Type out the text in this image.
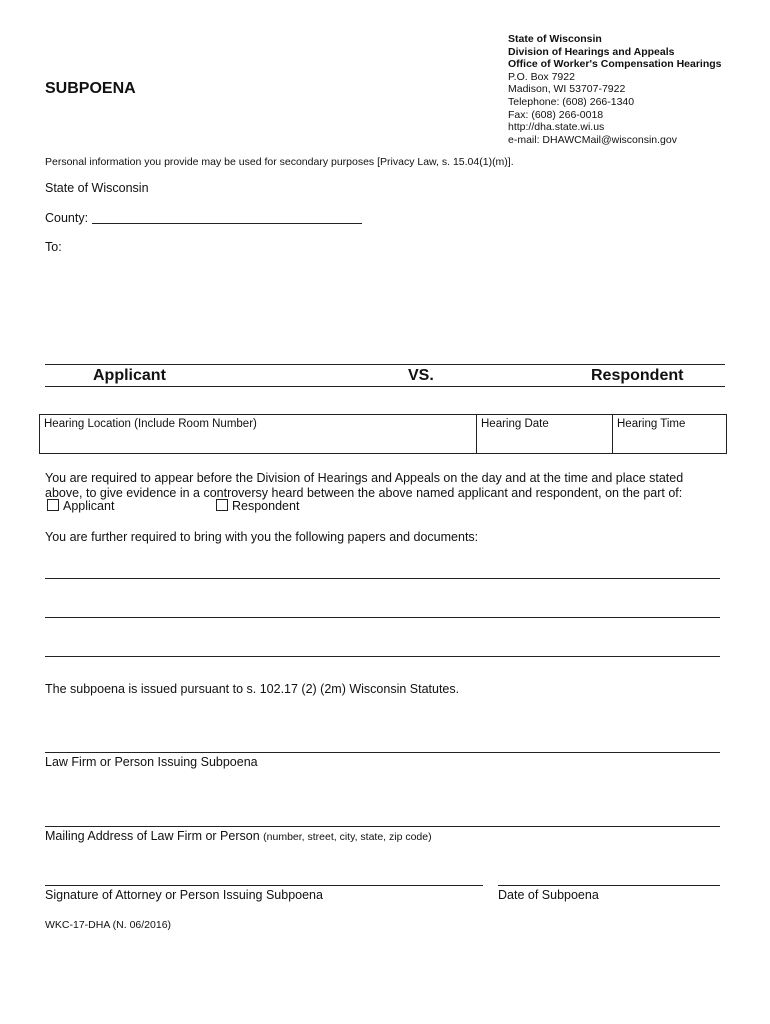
State of Wisconsin
Division of Hearings and Appeals
Office of Worker's Compensation Hearings
P.O. Box 7922
Madison, WI 53707-7922
Telephone: (608) 266-1340
Fax: (608) 266-0018
http://dha.state.wi.us
e-mail: DHAWCMail@wisconsin.gov
SUBPOENA
Personal information you provide may be used for secondary purposes [Privacy Law, s. 15.04(1)(m)].
State of Wisconsin
County:
To:
Applicant	VS.	Respondent
Hearing Location (Include Room Number)	Hearing Date	Hearing Time
You are required to appear before the Division of Hearings and Appeals on the day and at the time and place stated
above, to give evidence in a controversy heard between the above named applicant and respondent, on the part of:
Applicant	Respondent
You are further required to bring with you the following papers and documents:
The subpoena is issued pursuant to s. 102.17 (2) (2m) Wisconsin Statutes.
Law Firm or Person Issuing Subpoena
Mailing Address of Law Firm or Person (number, street, city, state, zip code)
Signature of Attorney or Person Issuing Subpoena	Date of Subpoena
WKC-17-DHA (N. 06/2016)
